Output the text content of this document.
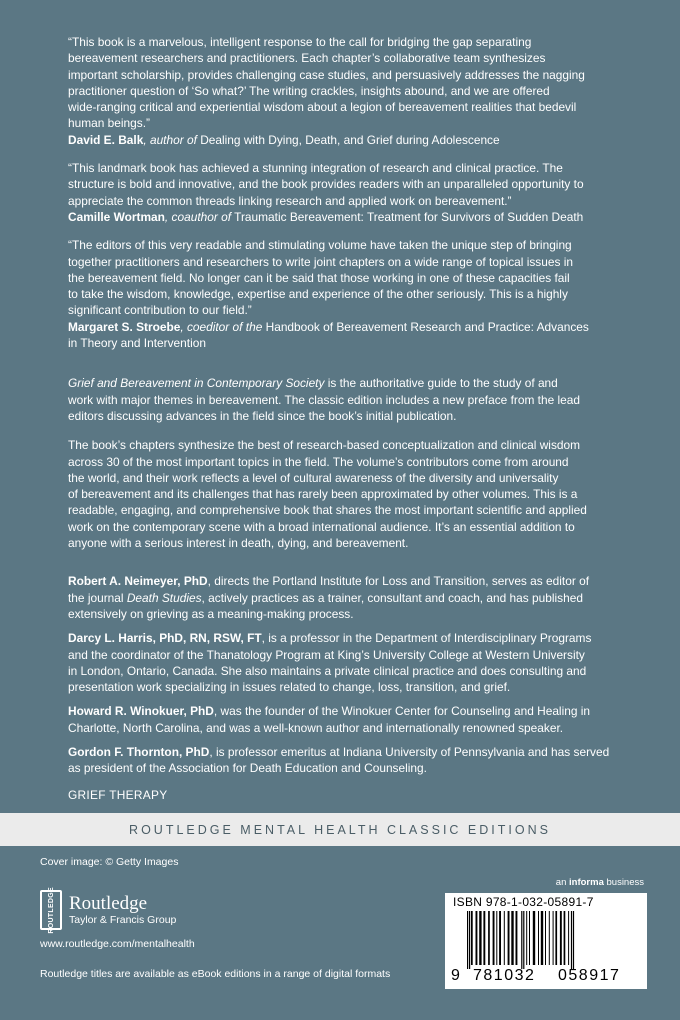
“This book is a marvelous, intelligent response to the call for bridging the gap separating

bereavement researchers and practitioners. Each chapter’s collaborative team synthesizes

important scholarship, provides challenging case studies, and persuasively addresses the nagging

practitioner question of ‘So what?’ The writing crackles, insights abound, and we are offered

wide-ranging critical and experiential wisdom about a legion of bereavement realities that bedevil

human beings.”

David E. Balk, author of Dealing with Dying, Death, and Grief during Adolescence

“This landmark book has achieved a stunning integration of research and clinical practice. The

structure is bold and innovative, and the book provides readers with an unparalleled opportunity to

appreciate the common threads linking research and applied work on bereavement.”

Camille Wortman, coauthor of Traumatic Bereavement: Treatment for Survivors of Sudden Death

“The editors of this very readable and stimulating volume have taken the unique step of bringing

together practitioners and researchers to write joint chapters on a wide range of topical issues in

the bereavement field. No longer can it be said that those working in one of these capacities fail

to take the wisdom, knowledge, expertise and experience of the other seriously. This is a highly

significant contribution to our field.”

Margaret S. Stroebe, coeditor of the Handbook of Bereavement Research and Practice: Advances

in Theory and Intervention

Grief and Bereavement in Contemporary Society is the authoritative guide to the study of and
work with major themes in bereavement. The classic edition includes a new preface from the lead
editors discussing advances in the field since the book’s initial publication.
The book’s chapters synthesize the best of research-based conceptualization and clinical wisdom
across 30 of the most important topics in the field. The volume’s contributors come from around
the world, and their work reflects a level of cultural awareness of the diversity and universality
of bereavement and its challenges that has rarely been approximated by other volumes. This is a
readable, engaging, and comprehensive book that shares the most important scientific and applied
work on the contemporary scene with a broad international audience. It’s an essential addition to
anyone with a serious interest in death, dying, and bereavement.
Robert A. Neimeyer, PhD, directs the Portland Institute for Loss and Transition, serves as editor of
the journal Death Studies, actively practices as a trainer, consultant and coach, and has published
extensively on grieving as a meaning-making process.
Darcy L. Harris, PhD, RN, RSW, FT, is a professor in the Department of Interdisciplinary Programs
and the coordinator of the Thanatology Program at King’s University College at Western University
in London, Ontario, Canada. She also maintains a private clinical practice and does consulting and
presentation work specializing in issues related to change, loss, transition, and grief.
Howard R. Winokuer, PhD, was the founder of the Winokuer Center for Counseling and Healing in
Charlotte, North Carolina, and was a well-known author and internationally renowned speaker.
Gordon F. Thornton, PhD, is professor emeritus at Indiana University of Pennsylvania and has served
as president of the Association for Death Education and Counseling.
GRIEF THERAPY
ROUTLEDGE MENTAL HEALTH CLASSIC EDITIONS

Cover image: © Getty Images

ROUTLEDGE Routledge
Taylor & Francis Group
www.routledge.com/mentalhealth
Routledge titles are available as eBook editions in a range of digital formats
an informa business
ISBN 978-1-032-05891-7
9 781032 058917
